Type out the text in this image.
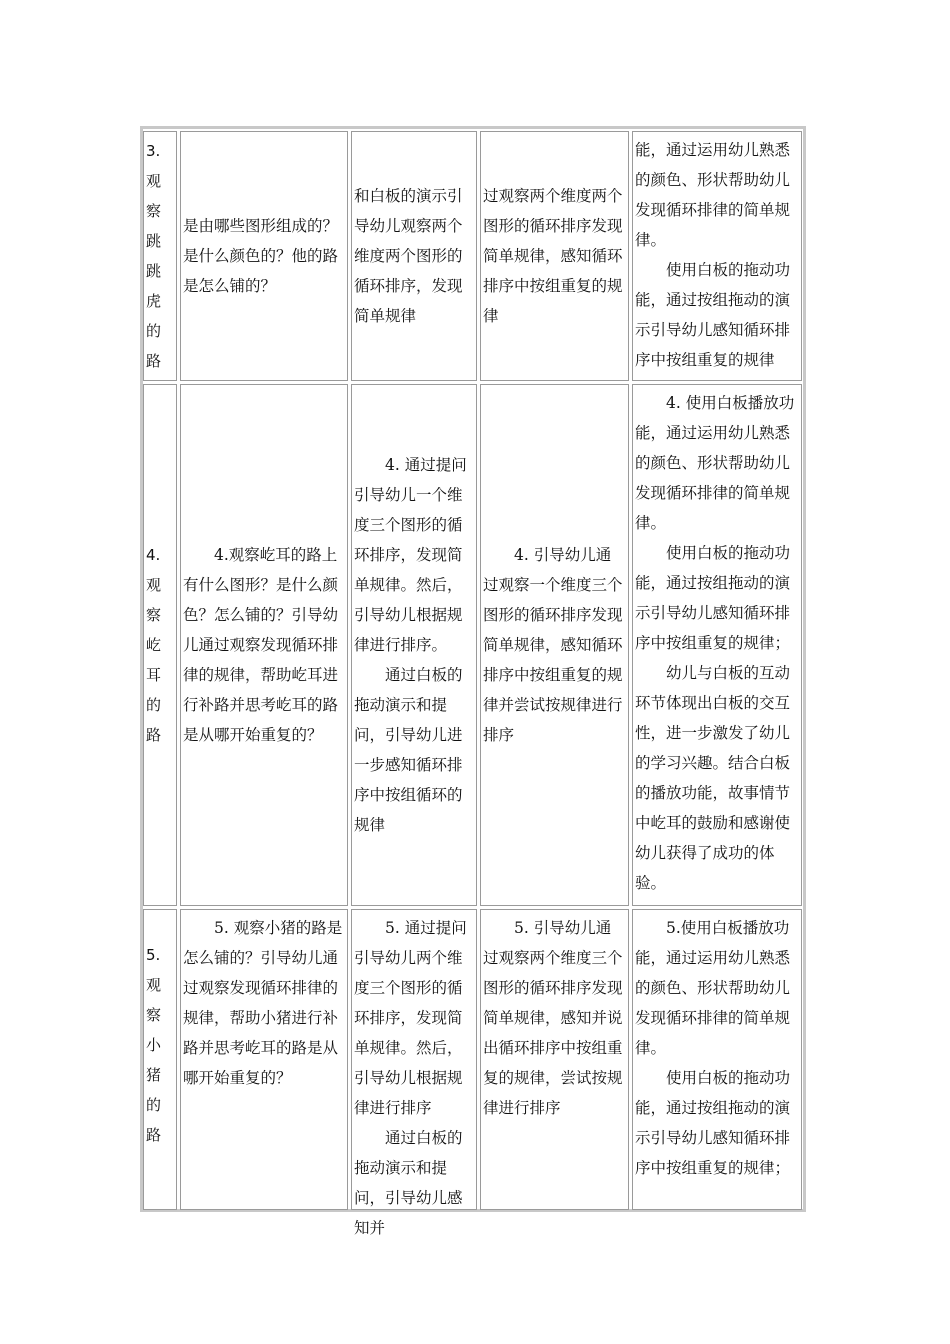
3.观察跳跳虎的路

是由哪些图形组成的？是什么颜色的？他的路是怎么铺的？

和白板的演示引导幼儿观察两个维度两个图形的循环排序，发现简单规律

过观察两个维度两个图形的循环排序发现简单规律，感知循环排序中按组重复的规律

能，通过运用幼儿熟悉的颜色、形状帮助幼儿发现循环排律的简单规律。

使用白板的拖动功能，通过按组拖动的演示引导幼儿感知循环排序中按组重复的规律

4.观察屹耳的路

4.观察屹耳的路上有什么图形？是什么颜色？怎么铺的？引导幼儿通过观察发现循环排律的规律，帮助屹耳进行补路并思考屹耳的路是从哪开始重复的？

4. 通过提问引导幼儿一个维度三个图形的循环排序，发现简单规律。然后，引导幼儿根据规律进行排序。

通过白板的拖动演示和提问，引导幼儿进一步感知循环排序中按组循环的规律

4. 引导幼儿通过观察一个维度三个图形的循环排序发现简单规律，感知循环排序中按组重复的规律并尝试按规律进行排序

4. 使用白板播放功能，通过运用幼儿熟悉的颜色、形状帮助幼儿发现循环排律的简单规律。

使用白板的拖动功能，通过按组拖动的演示引导幼儿感知循环排序中按组重复的规律；

幼儿与白板的互动环节体现出白板的交互性，进一步激发了幼儿的学习兴趣。结合白板的播放功能，故事情节中屹耳的鼓励和感谢使幼儿获得了成功的体验。

5.观察小猪的路

5. 观察小猪的路是怎么铺的？引导幼儿通过观察发现循环排律的规律，帮助小猪进行补路并思考屹耳的路是从哪开始重复的？

5. 通过提问引导幼儿两个维度三个图形的循环排序，发现简单规律。然后，引导幼儿根据规律进行排序

通过白板的拖动演示和提问，引导幼儿感知并

5. 引导幼儿通过观察两个维度三个图形的循环排序发现简单规律，感知并说出循环排序中按组重复的规律，尝试按规律进行排序

5.使用白板播放功能，通过运用幼儿熟悉的颜色、形状帮助幼儿发现循环排律的简单规律。

使用白板的拖动功能，通过按组拖动的演示引导幼儿感知循环排序中按组重复的规律；
